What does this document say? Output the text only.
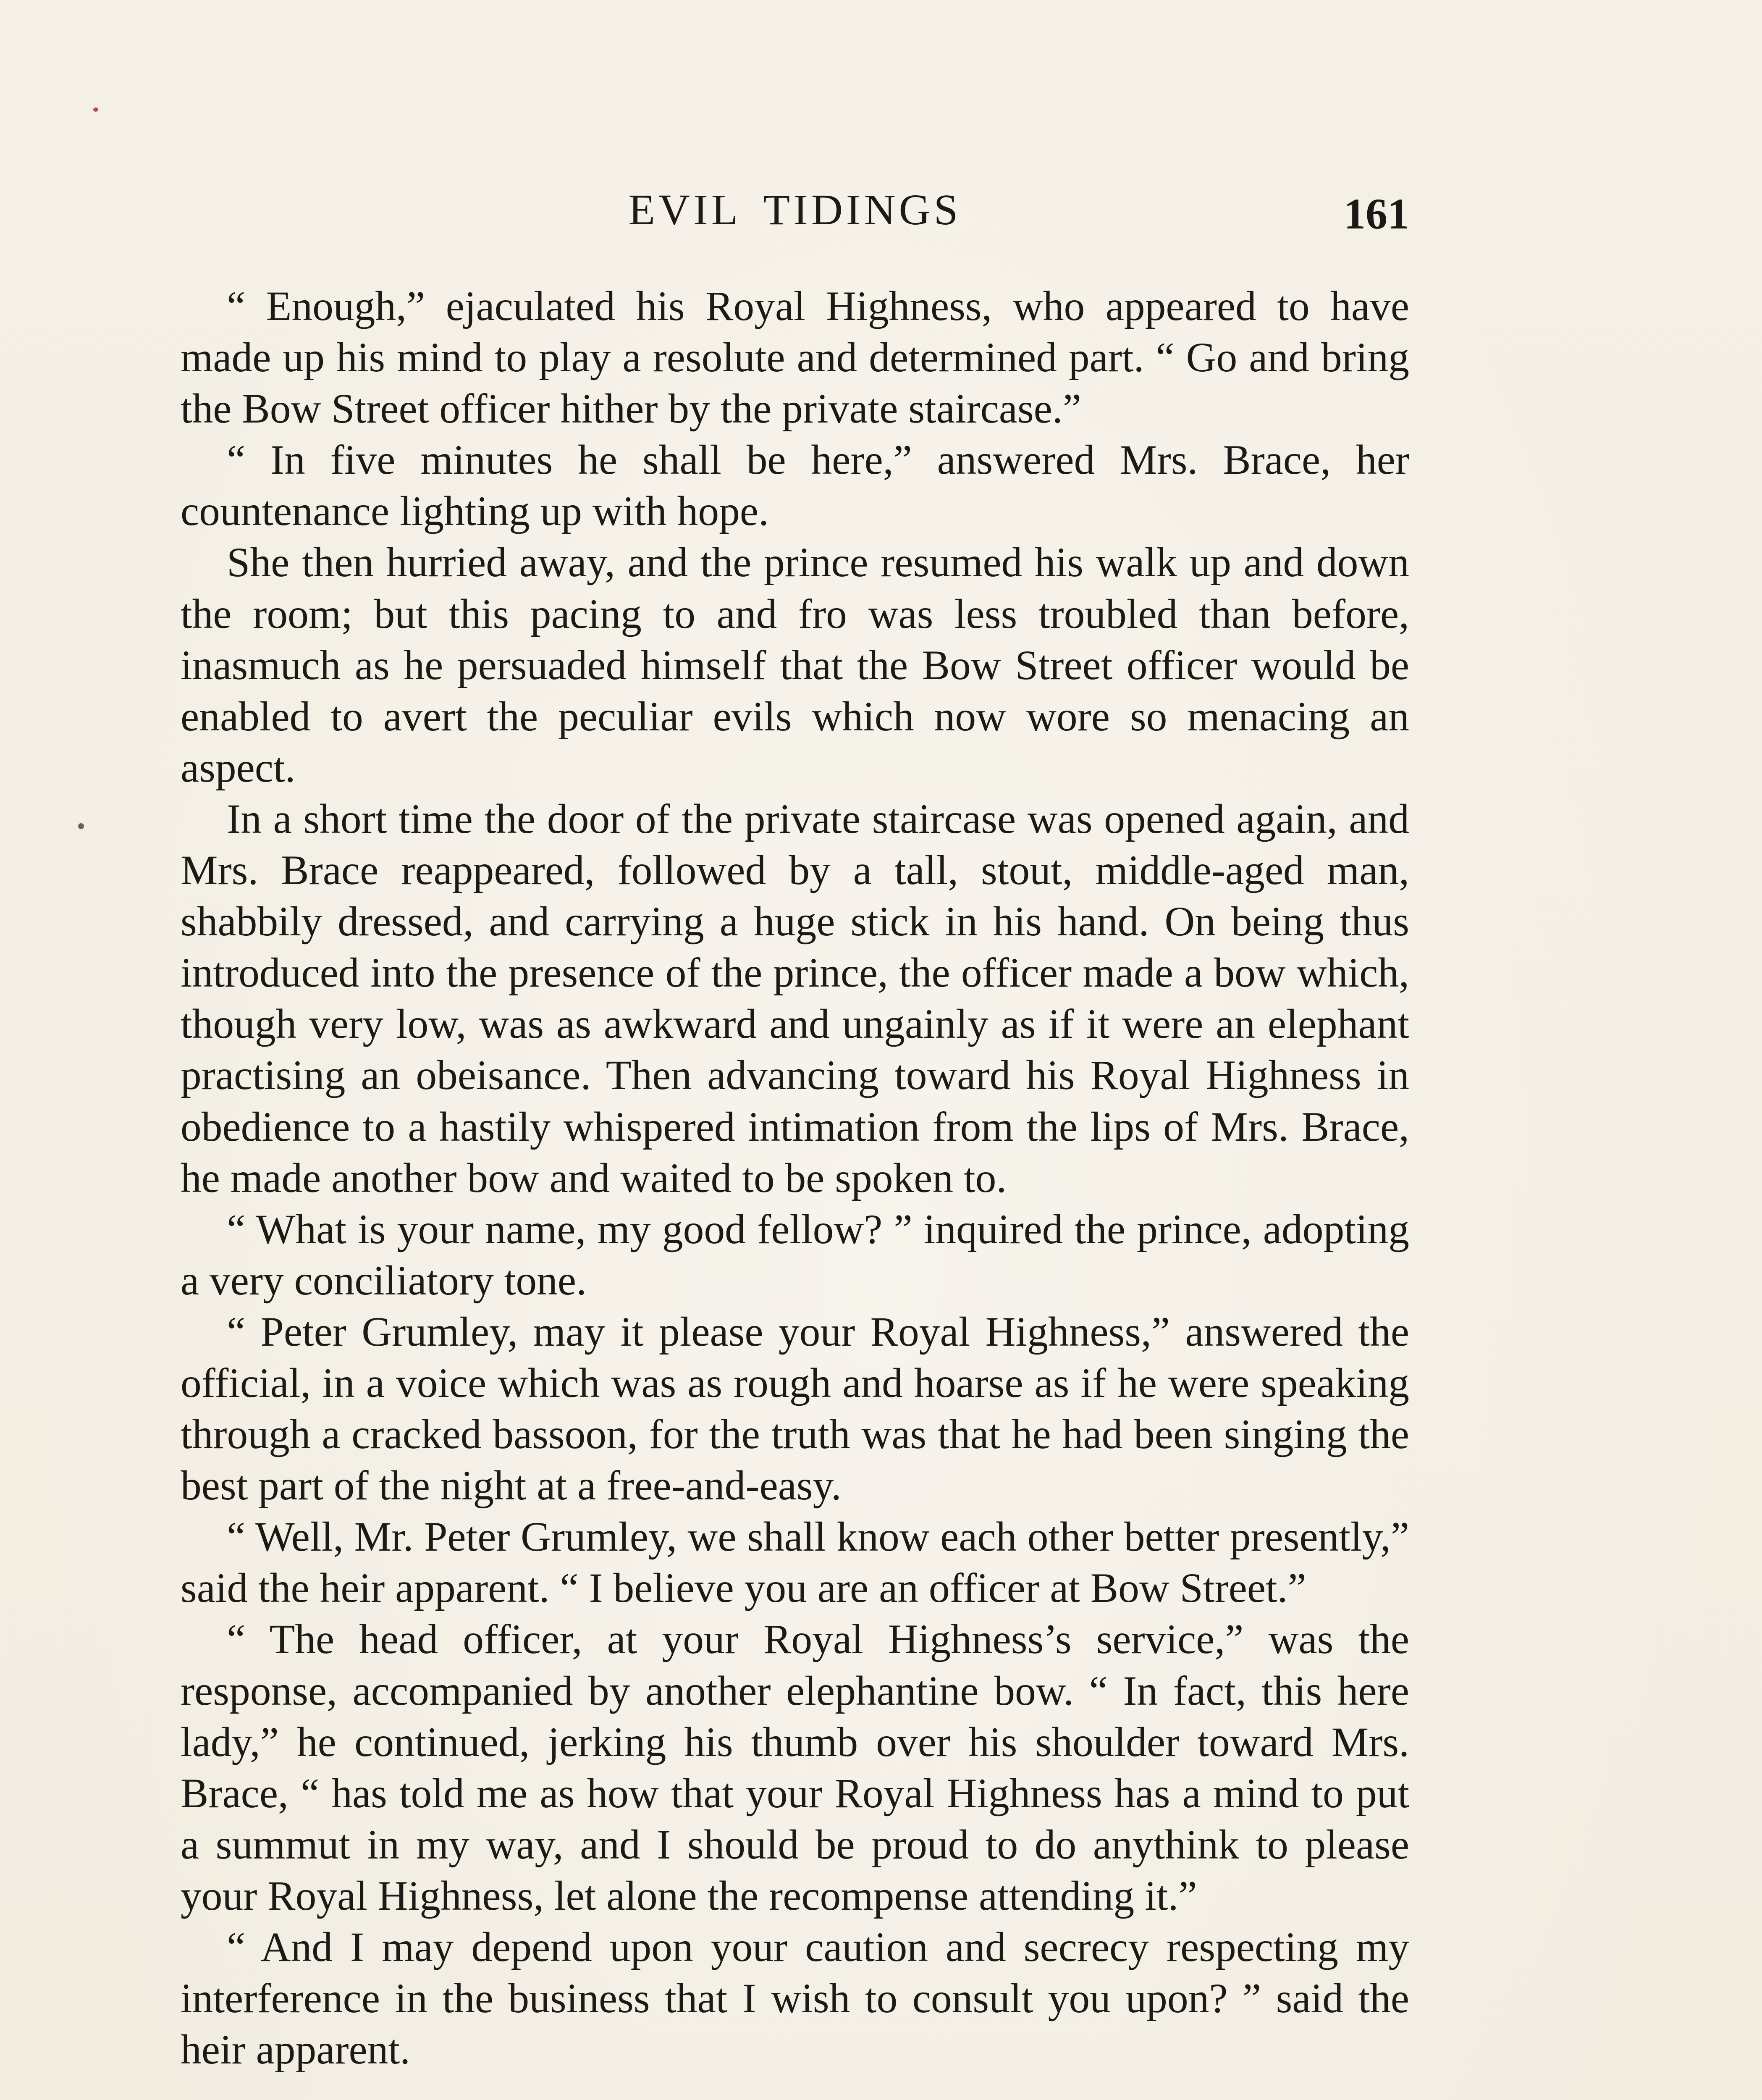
EVIL TIDINGS	161

“ Enough,” ejaculated his Royal Highness, who appeared to have made up his mind to play a resolute and determined part. “ Go and bring the Bow Street officer hither by the private staircase.”

“ In five minutes he shall be here,” answered Mrs. Brace, her countenance lighting up with hope.

She then hurried away, and the prince resumed his walk up and down the room; but this pacing to and fro was less troubled than before, inasmuch as he persuaded himself that the Bow Street officer would be enabled to avert the peculiar evils which now wore so menacing an aspect.

In a short time the door of the private staircase was opened again, and Mrs. Brace reappeared, followed by a tall, stout, middle-aged man, shabbily dressed, and carrying a huge stick in his hand. On being thus introduced into the presence of the prince, the officer made a bow which, though very low, was as awkward and ungainly as if it were an elephant practising an obeisance. Then advancing toward his Royal Highness in obedience to a hastily whispered intimation from the lips of Mrs. Brace, he made another bow and waited to be spoken to.

“ What is your name, my good fellow? ” inquired the prince, adopting a very conciliatory tone.

“ Peter Grumley, may it please your Royal Highness,” answered the official, in a voice which was as rough and hoarse as if he were speaking through a cracked bassoon, for the truth was that he had been singing the best part of the night at a free-and-easy.

“ Well, Mr. Peter Grumley, we shall know each other better presently,” said the heir apparent. “ I believe you are an officer at Bow Street.”

“ The head officer, at your Royal Highness’s service,” was the response, accompanied by another elephantine bow. “ In fact, this here lady,” he continued, jerking his thumb over his shoulder toward Mrs. Brace, “ has told me as how that your Royal Highness has a mind to put a summut in my way, and I should be proud to do anythink to please your Royal Highness, let alone the recompense attending it.”

“ And I may depend upon your caution and secrecy respecting my interference in the business that I wish to consult you upon? ” said the heir apparent.
